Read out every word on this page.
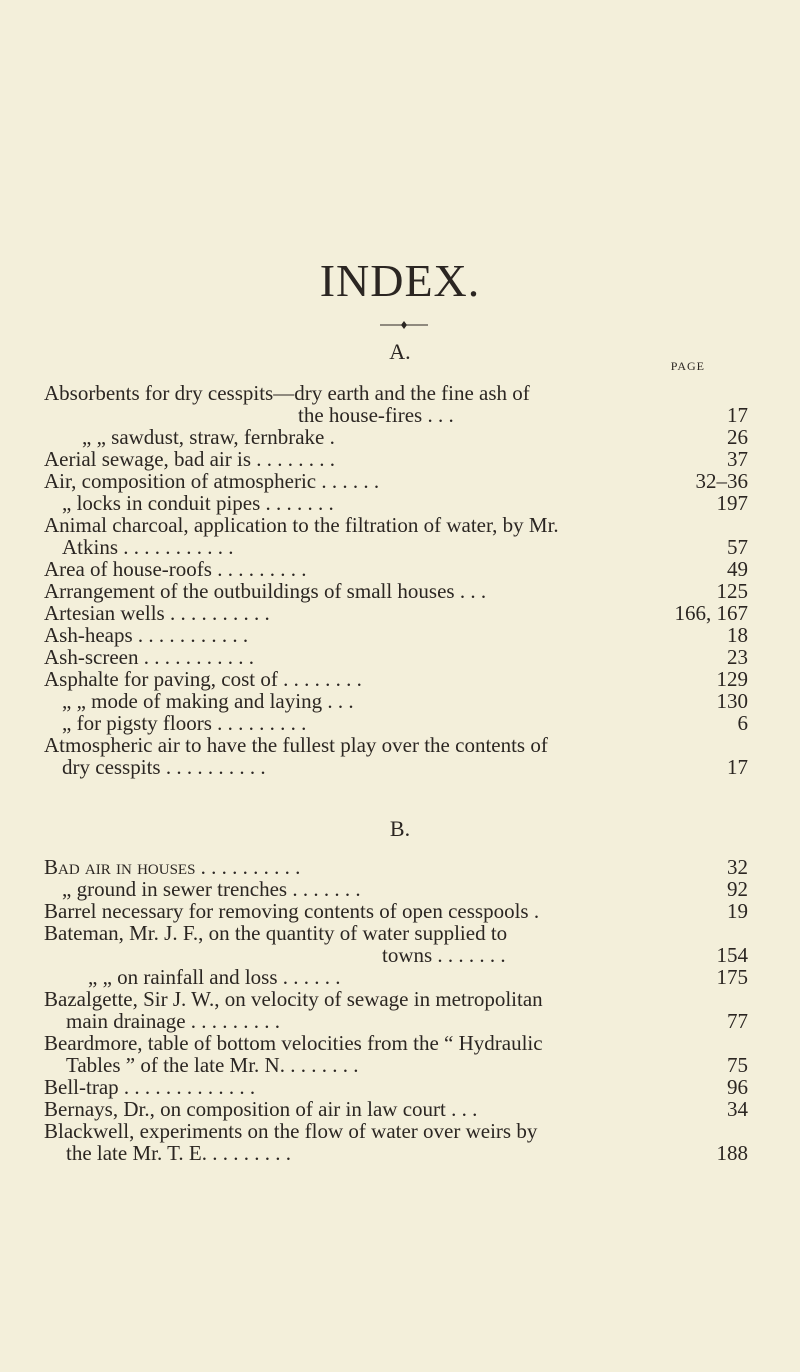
INDEX.
A.
PAGE
Absorbents for dry cesspits—dry earth and the fine ash of
the house-fires . . .	17
„ „ sawdust, straw, fernbrake .	26
Aerial sewage, bad air is . . . . . . . .	37
Air, composition of atmospheric . . . . . .	32–36
„ locks in conduit pipes . . . . . . .	197
Animal charcoal, application to the filtration of water, by Mr.
Atkins . . . . . . . . . . .	57
Area of house-roofs . . . . . . . . .	49
Arrangement of the outbuildings of small houses . . .	125
Artesian wells . . . . . . . . . .	166, 167
Ash-heaps . . . . . . . . . . .	18
Ash-screen . . . . . . . . . . .	23
Asphalte for paving, cost of . . . . . . . .	129
„ „ mode of making and laying . . .	130
„ for pigsty floors . . . . . . . . .	6
Atmospheric air to have the fullest play over the contents of
dry cesspits . . . . . . . . . .	17
B.
Bad air in houses . . . . . . . . . .	32
„ ground in sewer trenches . . . . . . .	92
Barrel necessary for removing contents of open cesspools .	19
Bateman, Mr. J. F., on the quantity of water supplied to
towns . . . . . . .	154
„ „ on rainfall and loss . . . . . .	175
Bazalgette, Sir J. W., on velocity of sewage in metropolitan
main drainage . . . . . . . . .	77
Beardmore, table of bottom velocities from the “ Hydraulic
Tables ” of the late Mr. N. . . . . . . .	75
Bell-trap . . . . . . . . . . . . .	96
Bernays, Dr., on composition of air in law court . . .	34
Blackwell, experiments on the flow of water over weirs by
the late Mr. T. E. . . . . . . . .	188
